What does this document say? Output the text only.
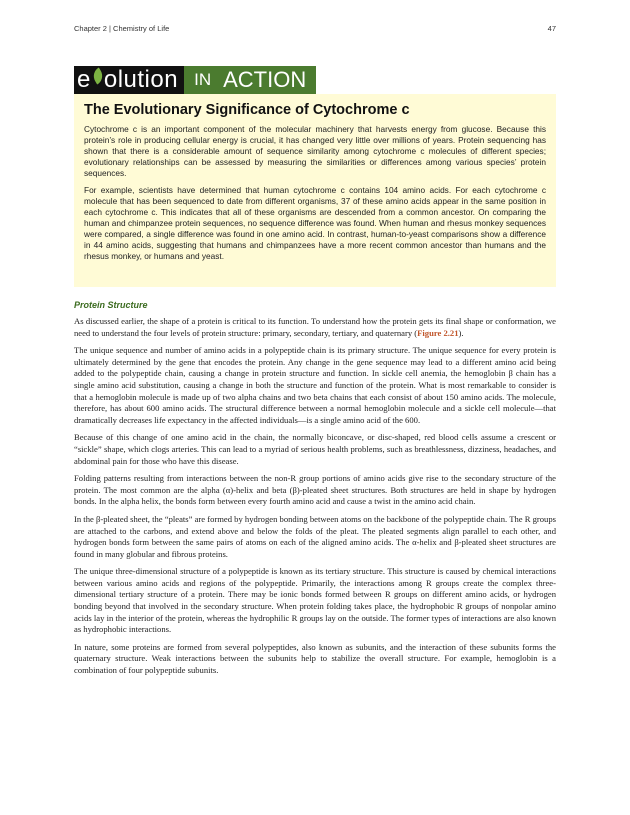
Chapter 2 | Chemistry of Life	47
e olution IN ACTION
The Evolutionary Significance of Cytochrome c

Cytochrome c is an important component of the molecular machinery that harvests energy from glucose. Because this protein’s role in producing cellular energy is crucial, it has changed very little over millions of years. Protein sequencing has shown that there is a considerable amount of sequence similarity among cytochrome c molecules of different species; evolutionary relationships can be assessed by measuring the similarities or differences among various species’ protein sequences.

For example, scientists have determined that human cytochrome c contains 104 amino acids. For each cytochrome c molecule that has been sequenced to date from different organisms, 37 of these amino acids appear in the same position in each cytochrome c. This indicates that all of these organisms are descended from a common ancestor. On comparing the human and chimpanzee protein sequences, no sequence difference was found. When human and rhesus monkey sequences were compared, a single difference was found in one amino acid. In contrast, human-to-yeast comparisons show a difference in 44 amino acids, suggesting that humans and chimpanzees have a more recent common ancestor than humans and the rhesus monkey, or humans and yeast.

Protein Structure

As discussed earlier, the shape of a protein is critical to its function. To understand how the protein gets its final shape or conformation, we need to understand the four levels of protein structure: primary, secondary, tertiary, and quaternary (Figure 2.21).

The unique sequence and number of amino acids in a polypeptide chain is its primary structure. The unique sequence for every protein is ultimately determined by the gene that encodes the protein. Any change in the gene sequence may lead to a different amino acid being added to the polypeptide chain, causing a change in protein structure and function. In sickle cell anemia, the hemoglobin β chain has a single amino acid substitution, causing a change in both the structure and function of the protein. What is most remarkable to consider is that a hemoglobin molecule is made up of two alpha chains and two beta chains that each consist of about 150 amino acids. The molecule, therefore, has about 600 amino acids. The structural difference between a normal hemoglobin molecule and a sickle cell molecule—that dramatically decreases life expectancy in the affected individuals—is a single amino acid of the 600.

Because of this change of one amino acid in the chain, the normally biconcave, or disc-shaped, red blood cells assume a crescent or “sickle” shape, which clogs arteries. This can lead to a myriad of serious health problems, such as breathlessness, dizziness, headaches, and abdominal pain for those who have this disease.

Folding patterns resulting from interactions between the non-R group portions of amino acids give rise to the secondary structure of the protein. The most common are the alpha (α)-helix and beta (β)-pleated sheet structures. Both structures are held in shape by hydrogen bonds. In the alpha helix, the bonds form between every fourth amino acid and cause a twist in the amino acid chain.

In the β-pleated sheet, the “pleats” are formed by hydrogen bonding between atoms on the backbone of the polypeptide chain. The R groups are attached to the carbons, and extend above and below the folds of the pleat. The pleated segments align parallel to each other, and hydrogen bonds form between the same pairs of atoms on each of the aligned amino acids. The α-helix and β-pleated sheet structures are found in many globular and fibrous proteins.

The unique three-dimensional structure of a polypeptide is known as its tertiary structure. This structure is caused by chemical interactions between various amino acids and regions of the polypeptide. Primarily, the interactions among R groups create the complex three-dimensional tertiary structure of a protein. There may be ionic bonds formed between R groups on different amino acids, or hydrogen bonding beyond that involved in the secondary structure. When protein folding takes place, the hydrophobic R groups of nonpolar amino acids lay in the interior of the protein, whereas the hydrophilic R groups lay on the outside. The former types of interactions are also known as hydrophobic interactions.

In nature, some proteins are formed from several polypeptides, also known as subunits, and the interaction of these subunits forms the quaternary structure. Weak interactions between the subunits help to stabilize the overall structure. For example, hemoglobin is a combination of four polypeptide subunits.
